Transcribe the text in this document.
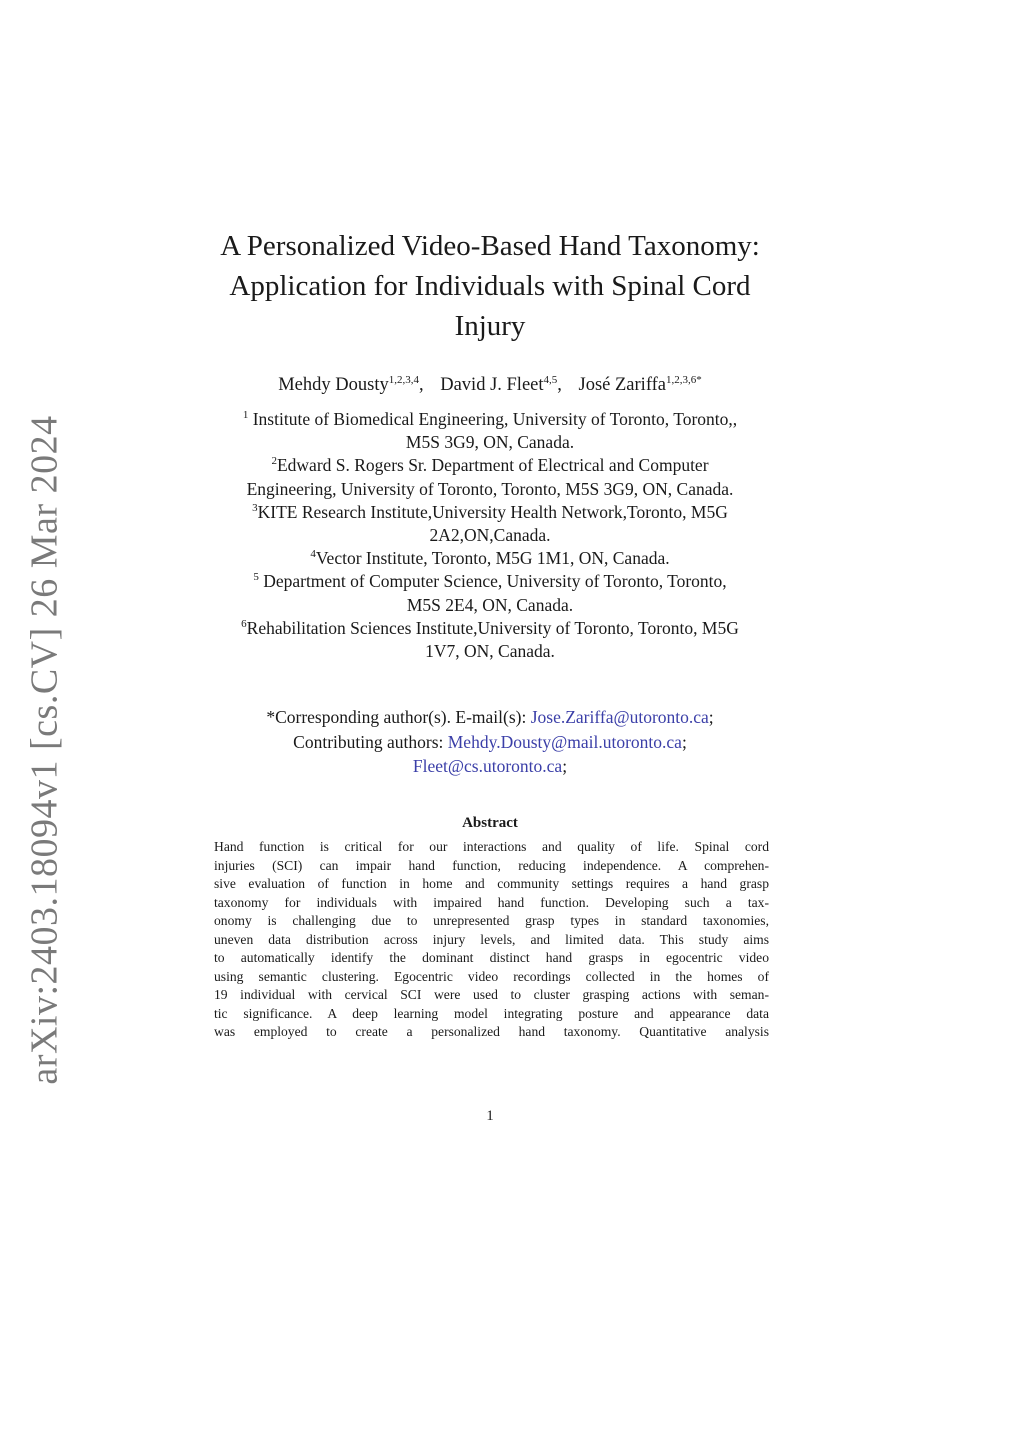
arXiv:2403.18094v1 [cs.CV] 26 Mar 2024
A Personalized Video-Based Hand Taxonomy:
Application for Individuals with Spinal Cord
Injury
Mehdy Dousty$^{1,2,3,4}$, David J. Fleet$^{4,5}$, José Zariffa$^{1,2,3,6*}$
$^1$ Institute of Biomedical Engineering, University of Toronto, Toronto,,
M5S 3G9, ON, Canada.
$^2$Edward S. Rogers Sr. Department of Electrical and Computer
Engineering, University of Toronto, Toronto, M5S 3G9, ON, Canada.
$^3$KITE Research Institute,University Health Network,Toronto, M5G
2A2,ON,Canada.
$^4$Vector Institute, Toronto, M5G 1M1, ON, Canada.
$^5$ Department of Computer Science, University of Toronto, Toronto,
M5S 2E4, ON, Canada.
$^6$Rehabilitation Sciences Institute,University of Toronto, Toronto, M5G
1V7, ON, Canada.
*Corresponding author(s). E-mail(s): Jose.Zariffa@utoronto.ca;
Contributing authors: Mehdy.Dousty@mail.utoronto.ca;
Fleet@cs.utoronto.ca;
Abstract
Hand function is critical for our interactions and quality of life. Spinal cord
injuries (SCI) can impair hand function, reducing independence. A comprehen-
sive evaluation of function in home and community settings requires a hand grasp
taxonomy for individuals with impaired hand function. Developing such a tax-
onomy is challenging due to unrepresented grasp types in standard taxonomies,
uneven data distribution across injury levels, and limited data. This study aims
to automatically identify the dominant distinct hand grasps in egocentric video
using semantic clustering. Egocentric video recordings collected in the homes of
19 individual with cervical SCI were used to cluster grasping actions with seman-
tic significance. A deep learning model integrating posture and appearance data
was employed to create a personalized hand taxonomy. Quantitative analysis
1
